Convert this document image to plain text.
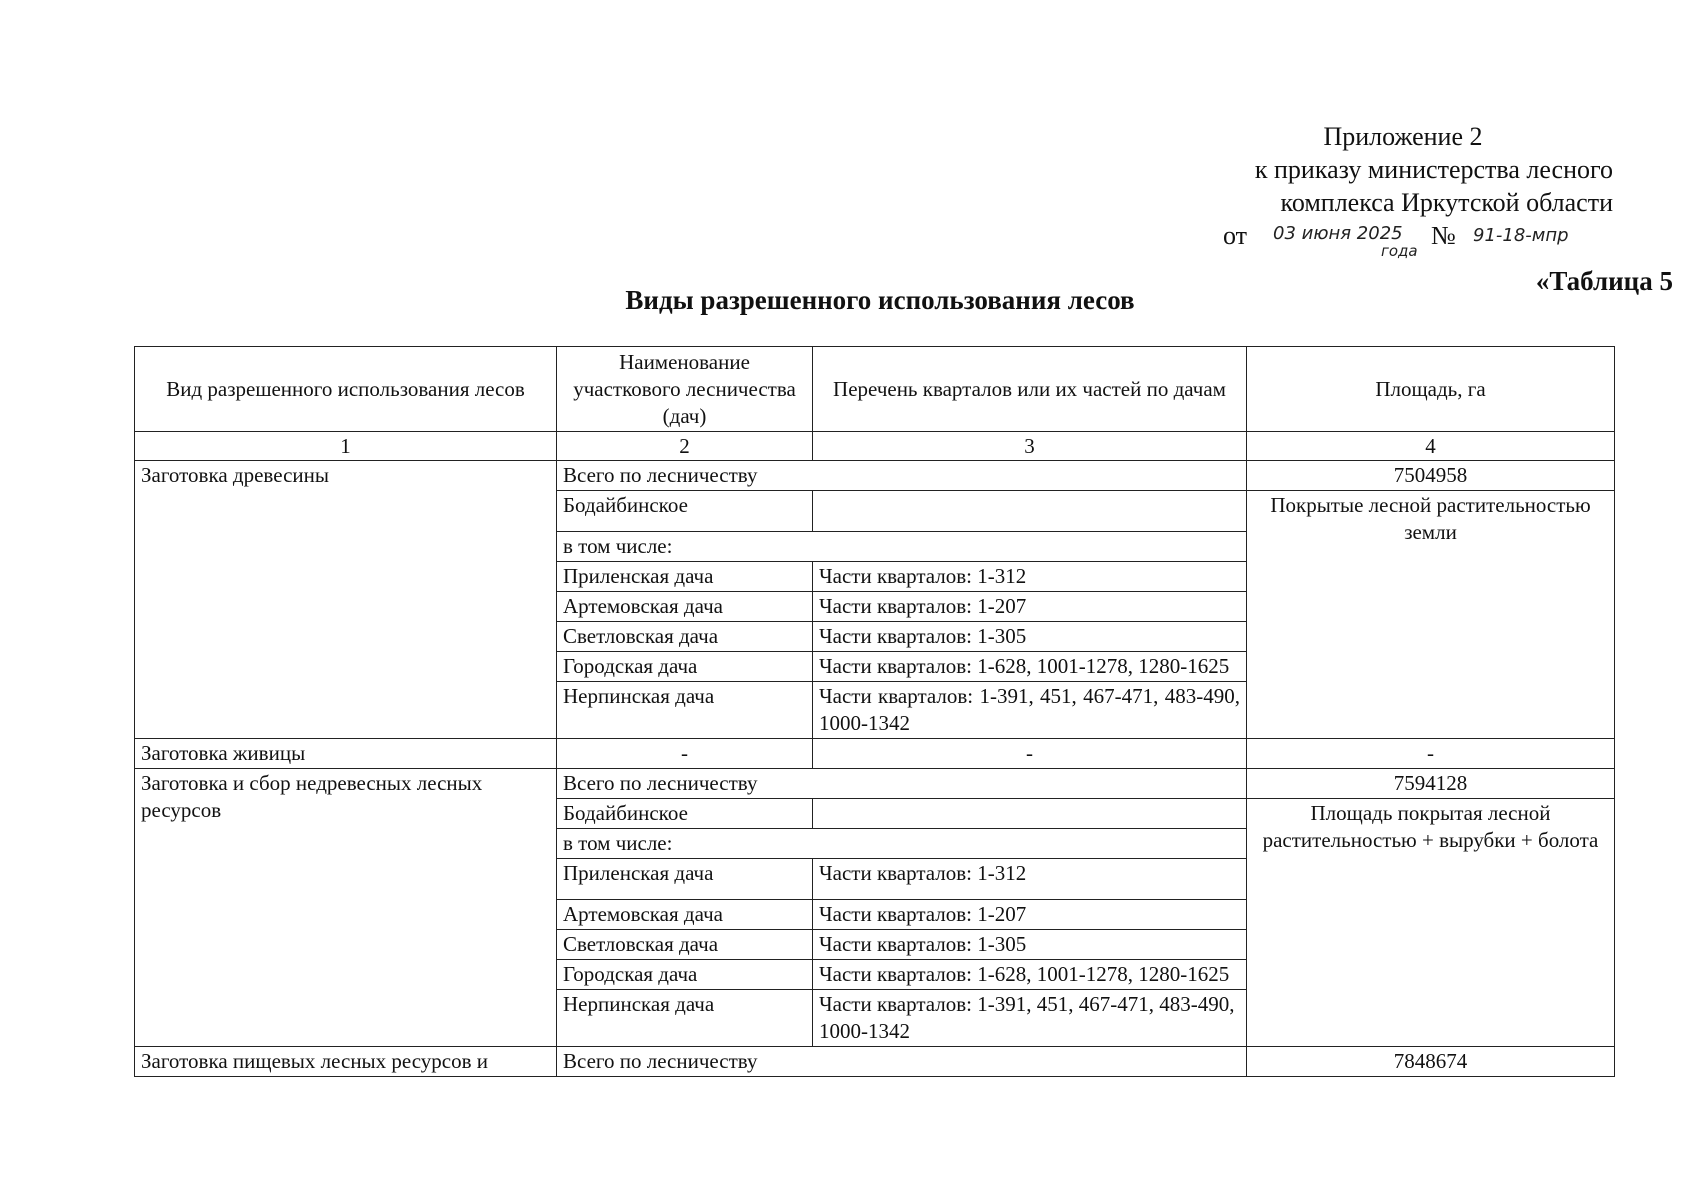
Приложение 2
к приказу министерства лесного
комплекса Иркутской области
от 03 июня 2025
года
№ 91-18-мпр
«Таблица 5
Виды разрешенного использования лесов
Вид разрешенного использования лесов	Наименование участкового лесничества (дач)	Перечень кварталов или их частей по дачам	Площадь, га
1	2	3	4
Заготовка древесины	Всего по лесничеству		7504958
	Бодайбинское		Покрытые лесной растительностью земли
	в том числе:		
	Приленская дача	Части кварталов: 1-312	
	Артемовская дача	Части кварталов: 1-207	
	Светловская дача	Части кварталов: 1-305	
	Городская дача	Части кварталов: 1-628, 1001-1278, 1280-1625	
	Нерпинская дача	Части кварталов: 1-391, 451, 467-471, 483-490, 1000-1342	
Заготовка живицы	-	-	-
Заготовка и сбор недревесных лесных ресурсов	Всего по лесничеству		7594128
	Бодайбинское		Площадь покрытая лесной растительностью + вырубки + болота
	в том числе:		
	Приленская дача	Части кварталов: 1-312	
	Артемовская дача	Части кварталов: 1-207	
	Светловская дача	Части кварталов: 1-305	
	Городская дача	Части кварталов: 1-628, 1001-1278, 1280-1625	
	Нерпинская дача	Части кварталов: 1-391, 451, 467-471, 483-490, 1000-1342	
Заготовка пищевых лесных ресурсов и	Всего по лесничеству		7848674
